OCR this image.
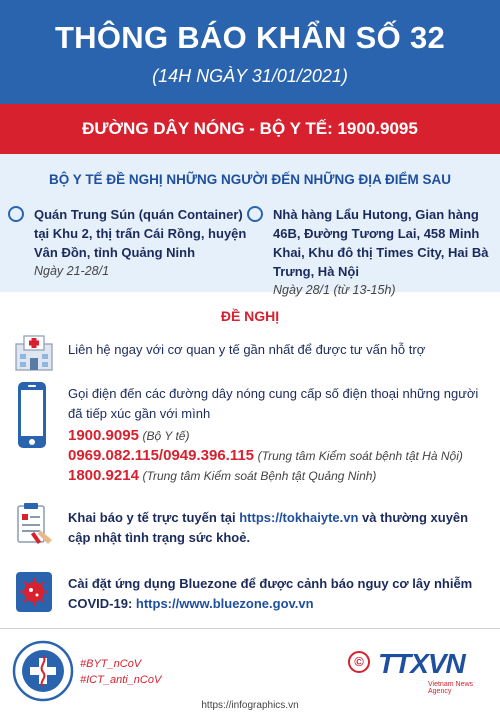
THÔNG BÁO KHẨN SỐ 32
(14H NGÀY 31/01/2021)
ĐƯỜNG DÂY NÓNG - BỘ Y TẾ: 1900.9095
BỘ Y TẾ ĐỀ NGHỊ NHỮNG NGƯỜI ĐẾN NHỮNG ĐỊA ĐIỂM SAU
Quán Trung Sún (quán Container) tại Khu 2, thị trấn Cái Rồng, huyện Vân Đồn, tỉnh Quảng Ninh
Ngày 21-28/1
Nhà hàng Lẩu Hutong, Gian hàng 46B, Đường Tương Lai, 458 Minh Khai, Khu đô thị Times City, Hai Bà Trưng, Hà Nội
Ngày 28/1 (từ 13-15h)
ĐỀ NGHỊ
Liên hệ ngay với cơ quan y tế gần nhất để được tư vấn hỗ trợ
Gọi điện đến các đường dây nóng cung cấp số điện thoại những người đã tiếp xúc gần với mình
1900.9095 (Bộ Y tế)
0969.082.115/0949.396.115 (Trung tâm Kiểm soát bệnh tật Hà Nội)
1800.9214 (Trung tâm Kiểm soát Bệnh tật Quảng Ninh)
Khai báo y tế trực tuyến tại https://tokhaiyte.vn và thường xuyên cập nhật tình trạng sức khoẻ.
Cài đặt ứng dụng Bluezone để được cảnh báo nguy cơ lây nhiễm COVID-19: https://www.bluezone.gov.vn
#BYT_nCoV
#ICT_anti_nCoV
© TTXVN
Vietnam News Agency
https://infographics.vn
